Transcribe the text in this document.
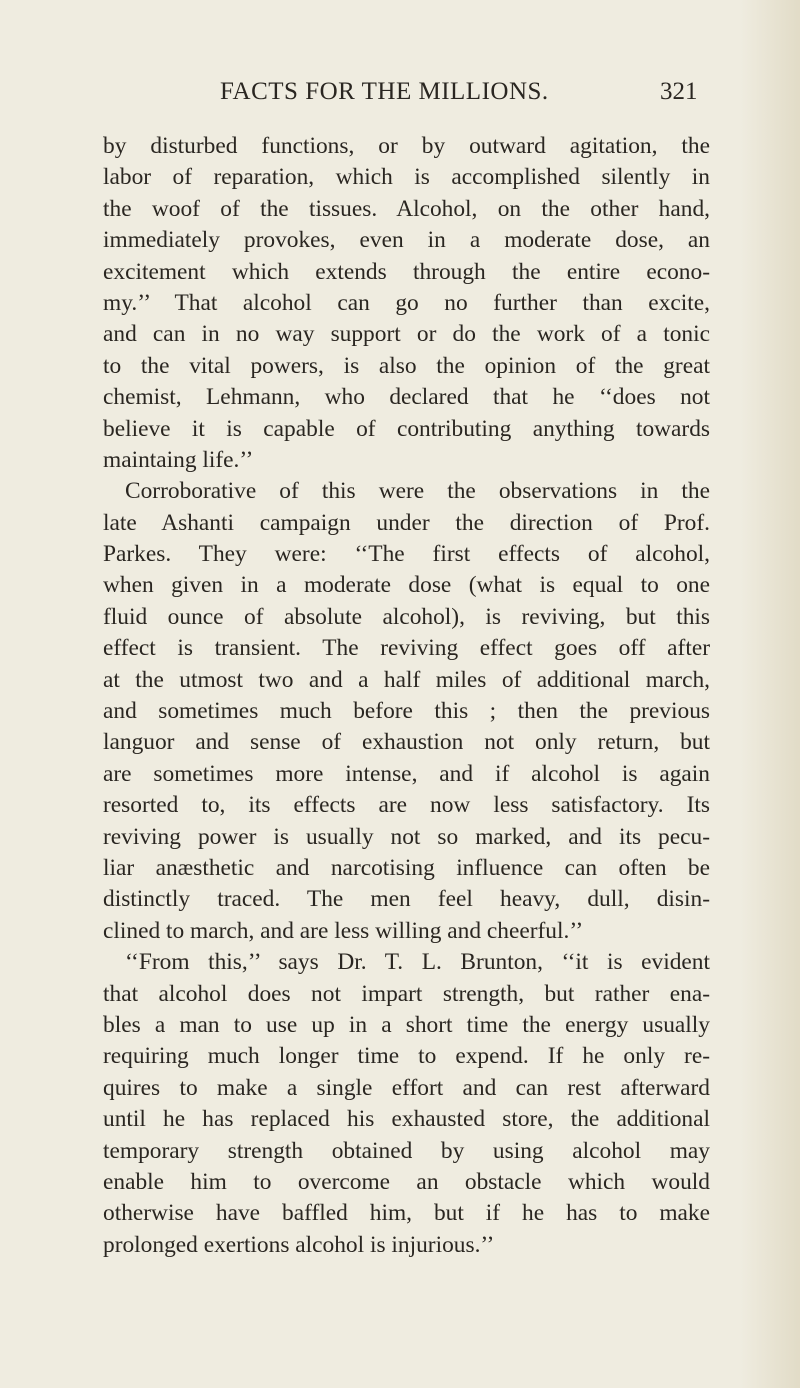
FACTS FOR THE MILLIONS.	321
by disturbed functions, or by outward agitation, the
labor of reparation, which is accomplished silently in
the woof of the tissues. Alcohol, on the other hand,
immediately provokes, even in a moderate dose, an
excitement which extends through the entire econo-
my.’’ That alcohol can go no further than excite,
and can in no way support or do the work of a tonic
to the vital powers, is also the opinion of the great
chemist, Lehmann, who declared that he ‘‘does not
believe it is capable of contributing anything towards
maintaing life.’’
Corroborative of this were the observations in the
late Ashanti campaign under the direction of Prof.
Parkes. They were: ‘‘The first effects of alcohol,
when given in a moderate dose (what is equal to one
fluid ounce of absolute alcohol), is reviving, but this
effect is transient. The reviving effect goes off after
at the utmost two and a half miles of additional march,
and sometimes much before this ; then the previous
languor and sense of exhaustion not only return, but
are sometimes more intense, and if alcohol is again
resorted to, its effects are now less satisfactory. Its
reviving power is usually not so marked, and its pecu-
liar anæsthetic and narcotising influence can often be
distinctly traced. The men feel heavy, dull, disin-
clined to march, and are less willing and cheerful.’’
‘‘From this,’’ says Dr. T. L. Brunton, ‘‘it is evident
that alcohol does not impart strength, but rather ena-
bles a man to use up in a short time the energy usually
requiring much longer time to expend. If he only re-
quires to make a single effort and can rest afterward
until he has replaced his exhausted store, the additional
temporary strength obtained by using alcohol may
enable him to overcome an obstacle which would
otherwise have baffled him, but if he has to make
prolonged exertions alcohol is injurious.’’
